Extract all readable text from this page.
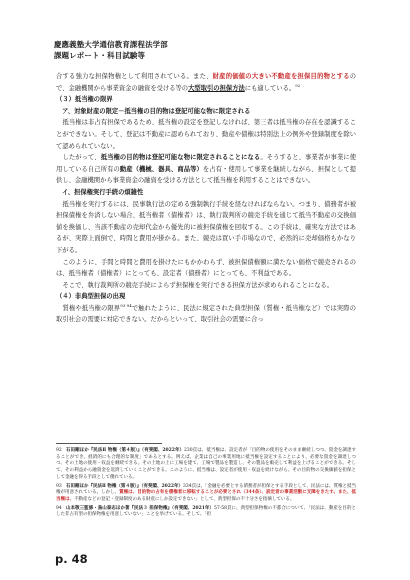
慶應義塾大学通信教育課程法学部
課題レポート・科目試験等

合する強力な担保物権として利用されている。また、財産的価値の大きい不動産を担保目的物とするので、金融機関から事業資金の融資を受ける等の大型取引の担保方法にも適している。$^{92}$

（３）抵当権の限界

ア、対象財産の限定－抵当権の目的物は登記可能な物に限定される

抵当権は非占有担保であるため、抵当権の設定を登記しなければ、第三者は抵当権の存在を認識することができない。そして、登記は不動産に認められており、動産や債権は特別法上の例外や登録制度を除いて認められていない。

したがって、抵当権の目的物は登記可能な物に限定されることになる。そうすると、事業者が事業に使用している自己所有の動産（機械、器具、商品等）を占有・使用して事業を継続しながら、担保として提供し、金融機関から事業資金の融資を受ける方法として抵当権を利用することはできない。

イ、担保権実行手続の煩雑性

抵当権を実行するには、民事執行法の定める強制執行手続を経なければならない。つまり、債務者が被担保債権を弁済しない場合、抵当権者（債権者）は、執行裁判所の競売手続を通じて抵当不動産の交換価値を換価し、当該不動産の売却代金から優先的に被担保債権を回収する。この手続は、確実な方法ではあるが、実際上面倒で、時間と費用が掛かる。また、競売は買い手市場なので、必然的に売却価格もかなり下がる。

このように、手間と時間と費用を掛けたにもかかわらず、被担保債権額に満たない価格で競売されるのは、抵当権者（債権者）にとっても、設定者（債務者）にとっても、不利益である。

そこで、執行裁判所の競売手続によらず担保権を実行できる担保方法が求められることになる。

（４）非典型担保の出現

質権や抵当権の限界$^{93 94}$で触れたように、民法に規定された典型担保（質権・抵当権など）では実際の取引社会の需要に対応できない。だからといって、取引社会の需要に合っ

92 石田剛ほか『民法Ⅱ 物権（第４版）』（有斐閣、2022年）230頁は、抵当権は、設定者が「目的物の使用をそのまま継続しつつ、資金を調達することができ、経済的にも合理的な制度」であるとする。例えば、企業は自己の事業用地に抵当権を設定することにより、必要な資金を調達しつつ、その土地の使用・収益を継続できる。その土地の上に工場を建て、工場で製品を製造し、その製品を販売して利益を上げることができる。そして、その利益から融資金を返済していくことができる。このように、抵当権は、設定者が使用・収益を続けながら、その目的物の交換価値を担保として金融を得る手段として優れている。

93 石田剛ほか『民法Ⅱ 物権（第４版）』（有斐閣、2022年）334頁は、「金融を必要とする債務者が担保とする手段として、民法には、質権と抵当権が用意されている。しかし、質権は、目的物の占有を債権者に移転することが必要とされ（344条）、設定者の事業活動に支障をきたす。また、抵当権は、不動産などの登記・登録制度のある財産にしか設定できない」として、典型担保の不十分さを指摘している。

94 山本敬三監修・鳥山泰志ほか著『民法３ 担保物権』（有斐閣、2021年）57-58頁に、典型担保物権の不都合について、「民法は、動産を目的とした非占有型の担保物権を用意していない」ことを挙げている。そして、「担

p. 48
